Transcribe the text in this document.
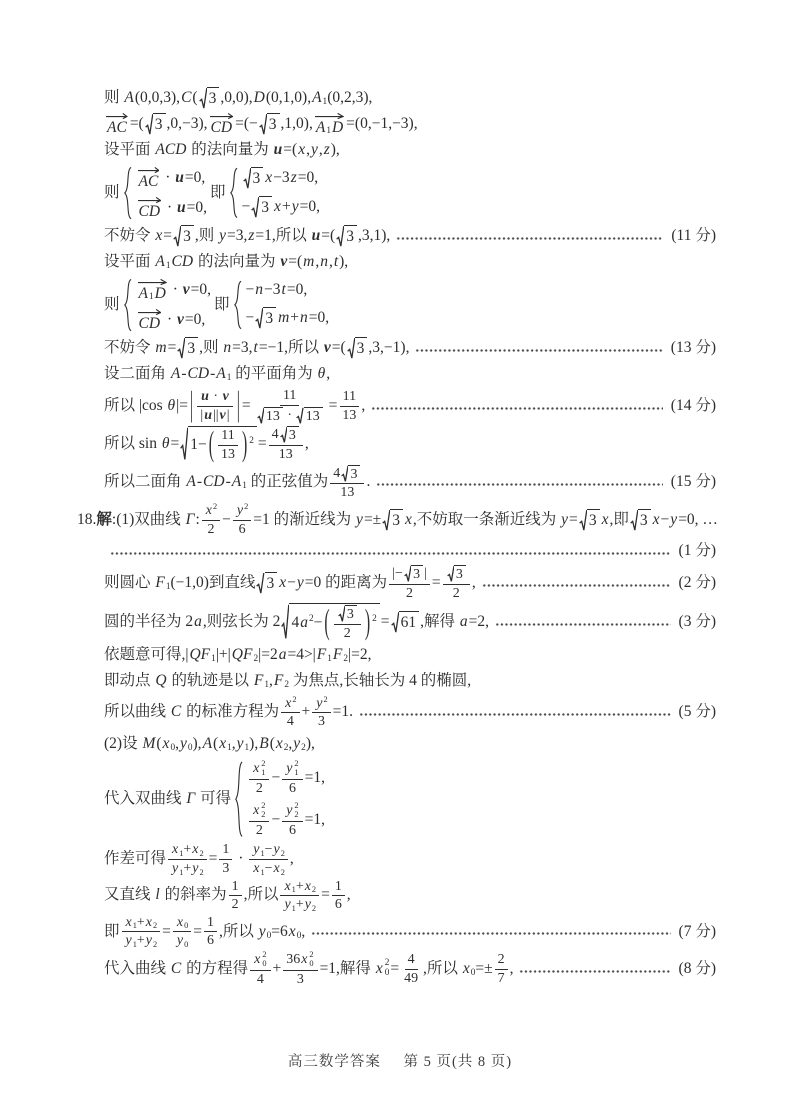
则 A (0,0,3), C ( 3 ,0,0), D (0,1,0), A 1 (0,2,3),
AC =( 3 ,0,−3), CD =(− 3 ,1,0), A 1 D =(0,−1,−3),
设平面 ACD 的法向量为 u =( x , y , z ),
则
AC · u =0,
CD · u =0,
即
3 x −3 z =0,
− 3 x + y =0,
不妨令 x = 3 ,则 y =3, z =1,所以 u =( 3 ,3,1),	(11 分)
设平面 A 1 CD 的法向量为 v =( m , n , t ),
则
A 1 D · v =0,
CD · v =0,
即
− n −3 t =0,
− 3 m + n =0,
不妨令 m = 3 ,则 n =3, t =−1,所以 v =( 3 ,3,−1),	(13 分)
设二面角 A - CD - A 1 的平面角为 θ ,
所以 |cos θ |= | $\frac{u \cdot v}{| u || v |}$ | = $\frac{11}{13 \cdot 13} = \frac{11}{13}$ ,	(14 分)
所以 sin θ = 1− ( $\frac{11}{13}$ ) $2 = \frac{4 3}{13}$ ,
所以二面角 A - CD - A 1 的正弦值为 $\frac{4 3}{13}$ .	(15 分)
18. 解 :(1)双曲线 Γ : $\frac{x 2}{2} - \frac{y 2}{6} =1$ 的渐近线为 y =± 3 x ,不妨取一条渐近线为 y = 3 x ,即 3 x − y =0, …
(1 分)
则圆心 F 1 (−1,0)到直线 3 x − y =0 的距离为 $\frac{| - 3 |}{2} = \frac{3}{2}$ ,	(2 分)
圆的半径为 2 a ,则弦长为 2 4 a 2 − ( $\frac{3}{2}$ ) 2 = 61 ,解得 a =2,	(3 分)
依题意可得,| QF 1 |+| QF 2 |=2 a =4>| F 1 F 2 |=2,
即动点 Q 的轨迹是以 F 1 , F 2 为焦点,长轴长为 4 的椭圆,
所以曲线 C 的标准方程为 $\frac{x 2}{4} + \frac{y 2}{3} =1$.	(5 分)
(2)设 M ( x 0 , y 0 ), A ( x 1 , y 1 ), B ( x 2 , y 2 ),
代入双曲线 Γ 可得
x 2
1
2 − y 2
1
6 =1,
x 2
2
2 − y 2
2
6 =1,
作差可得 $\frac{x 1 + x 2}{y 1 + y 2} = \frac{1}{3} \cdot \frac{y 1 - y 2}{x 1 - x 2}$ ,
又直线 l 的斜率为 $\frac{1}{2}$ ,所以 $\frac{x 1 + x 2}{y 1 + y 2} = \frac{1}{6}$ ,
即 $\frac{x 1 + x 2}{y 1 + y 2} = \frac{x 0}{y 0} = \frac{1}{6}$ ,所以 y 0 =6 x 0 ,	(7 分)
代入曲线 C 的方程得 x 2
0
4 + 36 x 2
0
3 =1,解得 x 2
$0 = \frac{4}{49}$ ,所以 x $0 =\pm \frac{2}{7}$ ,	(8 分)
高三数学答案 第 5 页(共 8 页)
